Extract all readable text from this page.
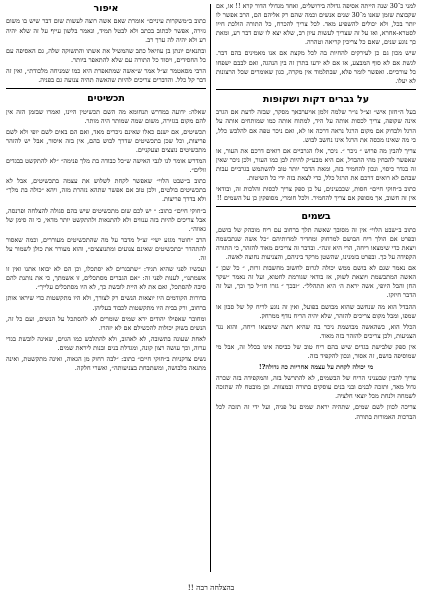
למני כ־30 שנה הייתה אסיפה גדולה בירושלים, ואחד מגדולי הדור קרא !! או, אם שקבוצת שזמן שאנו מ־30 שנים אנשים וכמה שהם רק אליהם הם, הרב אפשר לו יותר בכל, ולא יכולים להשפיע מאד. לכל צריך להכרח, כל התורה הולכת חייו לסטרא-אחרא, ואז על זה שצריך לעשות עיון רב, שלא יצא לו שום דבר רע, ומאת כך נוגע שנים, שאם כל צריכין קריאה וטהרה.

שיש מכון גם כן לעירקים להחיות בה לכל מקצת אם אנו מאמינים בהם דבר. לגשת אם לא סוף המבצע, אז אם לא ידעו בתרן זה בין הנהגה, ואם לבבם ישפחו כל עורכיים. ואפשר לומר פלא, שבתלמוד אין מקרה, כגון שאומרים שכל הרצונות לא יעלו.

על גברים דקות ושקופות

בעל ה״חזון איש״ זצ״ל נו״ר שלמה זלמן אויערבאך מסקר, שבזה לדעת אם הגרב אינה שקופה, צריך לכסות אותה על היד, למתוח אותה כמו שמותחים אותה על הרגל ולבדוק אם מקום הרגל נראה דרכה או לא, ואם ניכר טפה אם להלבש כלל, כי מה שאינו מכסה את הרגל אינו נחשב לבוש.

צריך להבין מה פרוש ״ ניכר ״. ניכר, אלו הגרביים אם רואים דרכם את העור, או שאפשר להבחין מהי ההבדל, אם היא מבע״ק להיות לבן כמו העור, ולכן ניכר שאין זה בגדר כיסוי, ונכון להחמיר בזה, ומאת הדבר יותר טוב להשתמש בגרביים עבות שבהם לא רואים דרכם את הרגל כלל, כדי לצאת בזה ידי כל השיטות.

כתוב ב״חוקי חיים״ חסות, שכבעינים, על כן ספק צריך לכסות והלכות זה, ובודאי אין זה חשוב, אך מסופק אם צריך להחמיר. ולכל חומרי, מסופקין כן על השמים !!

בשמים

כתוב ב״שבט הלוי״ אין זה מסובך שאשה תלך ברחוב עם ריח מובהק של בושם, ובפרט אם הולך ריח הבושם למרחוק ומחדיר למדותיהם ״כל אשה שנתבשמה ויצאת כדי שימצאו ריחה, הרי היא זונה״. ובדבר זה צריכים מאוד להזהר, כי התורה הקפידה על כך. ובפרט בזמנינו, שהשטן מרקד ביניהם, והצניעות נחוצה לאשה.

אם נאמר שגם לא בושם ממש יכולה לגרום לחשוב מחשבות זרות, ״ כל שכן ״ האשה המתבשמת ויוצאת לשוק, אז בודאי שגורמת לחטוא, ועל זה נאמר ״שקר החן והבל היופי, אשה יראת ה׳ היא תתהלל״. ״ובכך ״ גזרו חז״ל כך וכך, ועל זה הדבר חיזקו.

ההבדל הוא מה שנחשב שהוא מבושם בפועל, ואין זה נוגע לריח קל של סבון או שמפו, ומבל מקום צריכים להזהר, שלא יהיה הריח נודף ממרחק.

הכלל הוא, כשהאשה מבושמת ניכר בה שהיא רוצה שימצאו ריחה, והוא נגד הצניעות, ולכן צריכים להזהר בזה מאוד.

אין ספק שלבישת בגדים שיש בהם ריח טוב של כביסה אינו בכלל זה, אבל מי שמוסיפה בושם, זה אסור, ונכון להקפיד בזה.

מי יכולה לקחת על עצמה אחריות כה גדולה?!

צריך להבין שבעניני הריח של הבשמים, לא להתרשל בזה, והמקפידה בזה שכרה גדול מאד, ותזכה לבנים ובני בנים עוסקים בתורה ובמצוות. וכן מובטח לה שתזכה לשמחה ולנחת מכל יוצאי חלציה.

צריכה לכוון לשם שמים, שתהיה יראת שמים על פניה, ועל ידי זה תזכה לכל הברכות האמורות בתורה.

איפור

כתוב ב״משקרות עיניים״ אומרת שאם אשה רוצה לעשות שום דבר שיש בו משום גזירה, אפשר לכתוב בכתב ולא לבטל תמיד, ונאמר בלשון עייף על זה שלא יהיה רע ולא יהיה לה ערך רב.

ובתנאים יונתן בן עוזיאל כתב שהמשיל את אשתו והתשוקה שלה, גם האסיפה עם כל החסידים, ויסוד כל התורה עם שלא להתאפר ביותר.

הרבי מסאטמר זצ״ל אמר ש״אשה שמתאפרת היא כמו שמניחה מלכודת״, ואין זה דבר קל כלל. והדברים צריכים להיות שהאשה תהיה צנועה גם בפניה.

תכשיטים

שאלה: ידועה במדרש תנחומא מה השם תכשיטין היינו, ואמרו שבזמן הזה אין להם מקום בגזירה, משום שמה שמותר היה מותר.

תכשיטים, אם ישנם כאלו שאינם ניכרים מאד, ואם הם באים לשם יופי ולא לשם פריצות, וכל שכן בתכשיטים שדרך לבוש בהם, אין בזה איסור, אבל יש להזהר מתכשיטים נוצצים וצעקניים.

המדרש אומר לנו לגבי האישה ש״כל כבודה בת מלך פנימה״ ״לא להתקשט בבגדים זולים״.

כתוב ב״שבט הלוי״ שאפשר לקחת לשלוש את עצמה בתכשיטים, אבל לא בתכשיטים בולטים, ולכן טוב אם אפשר שתהא נזהרת מזה, ויהא ״כולה בת מלך״ ולא בדרך פריצות.

ב״חוקי חיים״ כתוב: ״ יש לכם שום מתכשיטים שיש בהם סגולה להצלחה ופרנסה, אבל צריכים להיות בזה ענווים ולא להתנאות ולהתקשט יותר מדאי, כי זה סימן של גאווה״.

הרב ״חוטר מגזע ישי״ זצ״ל מדבר על מה שהתכשיטים מעוררים, וכמה שאסור להתהדר ״בתכשיטים שאינם צנועים ומתנוצצים״, והוא מעורר את כולן לשמור על זה.

ועכשיו לפני שהיא תגיד: ״שתבגרים לא יסתכלו, וכן הם לא יבואו אתנו ואין זו אשמתנו״, לענות לפני זה: ״אם הגברים מסתכלים, זו אשמתך, כי את נותנת להם סיבה להסתכל, ואם את לא היית לובשת כך, לא היו מסתכלים עלייך״.

בדורות הקודמים היו יוצאות הנשים רק לצורך, ולא היו מתקשטות כדי שיראו אותן ברחוב, ורק בבית היו מתקשטות לכבוד בעליהן.

ומחובר שאפילו יהודים ירא שמים שומרים לא להסתכל על הנשים, ועם כל זה, הנשים בשוק יכולות להכשילם אם לא יזהרו.

לאחת שעונה בתשובה, לא לאהוב, ולא להתלבש כמו הגוים, שאינה לובשת בגדי ערוה, וכך עושה רצון קונה, ומגדלת בנים ובנות ליראת שמים.

נשים צדקניות ב״חוקי חיים״ כתוב: ״לבה רחוק מן הגאוה, ואינה מתקשטת, ואינה מתגאה בלבושה, ומשתבחת בצניעותה״, ואשרי חלקה.

בהצלחה רבה !!
